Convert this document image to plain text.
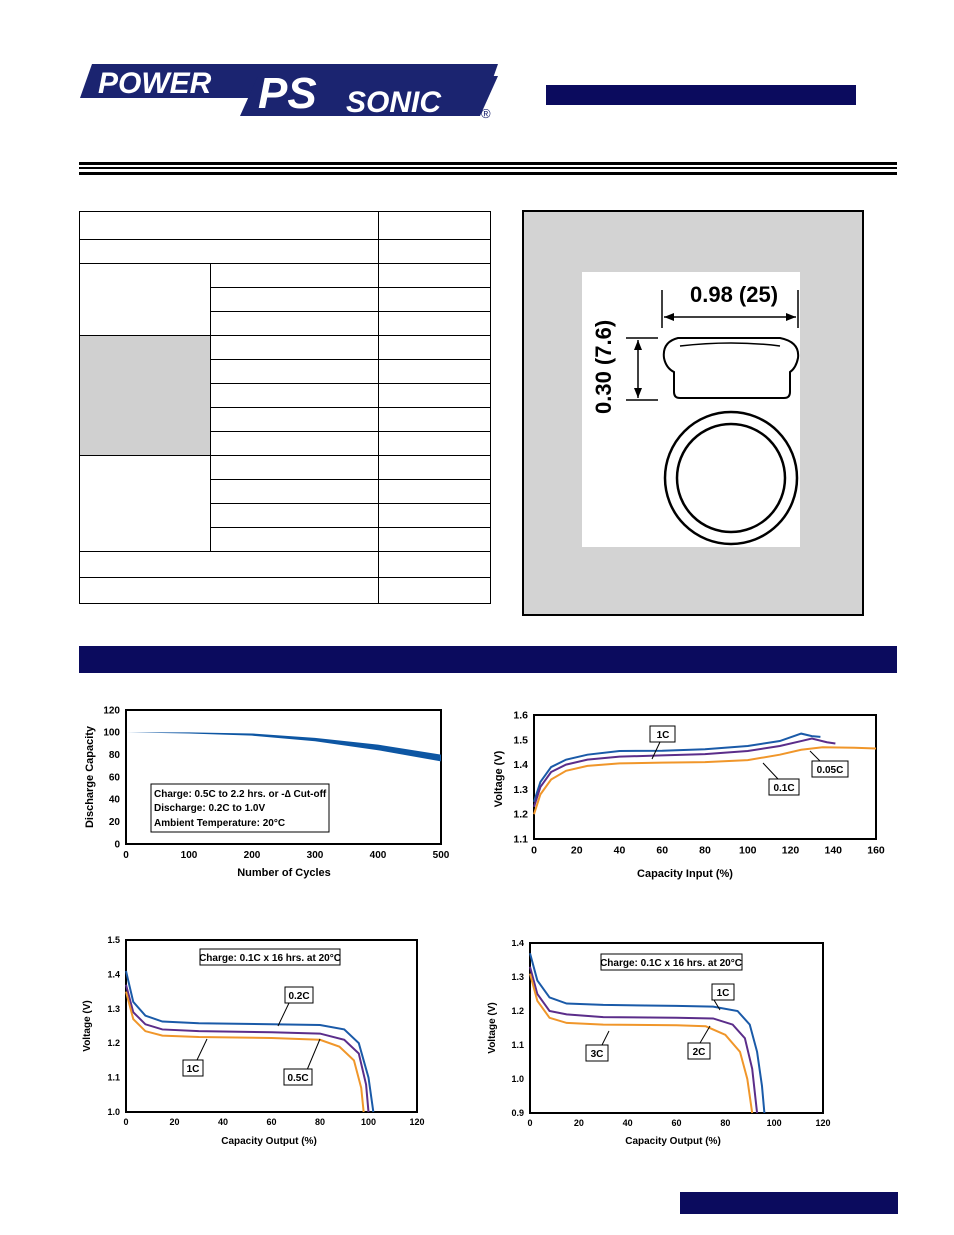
POWER PS SONIC	®

0.98 (25)
0.30 (7.6)
0	100	200	300	400	500
0
20
40
60
80
100
120
Charge: 0.5C to 2.2 hrs. or -∆ Cut-off
Discharge: 0.2C to 1.0V
Ambient Temperature: 20°C
Number of Cycles
Discharge Capacity
0	20	40	60	80	100 120 140 160
1.1
1.2
1.3
1.4
1.5
1.6
1C
0.05C
0.1C
Capacity Input (%)
Voltage (V)
0	20	40	60	80	100	120
1.0
1.1
1.2
1.3
1.4
1.5
Charge: 0.1C x 16 hrs. at 20°C
0.2C
1C
0.5C
Capacity Output (%)
Voltage (V)
0	20	40	60	80	100	120
0.9
1.0
1.1
1.2
1.3
1.4
Charge: 0.1C x 16 hrs. at 20°C
1C
2C
3C
Capacity Output (%)
Voltage (V)
